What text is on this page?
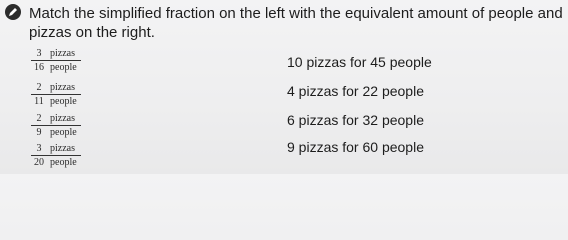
Match the simplified fraction on the left with the equivalent amount of people and pizzas on the right.
3 pizzas
16 people
2 pizzas
11 people
2 pizzas
9 people
3 pizzas
20 people
10 pizzas for 45 people
4 pizzas for 22 people
6 pizzas for 32 people
9 pizzas for 60 people
